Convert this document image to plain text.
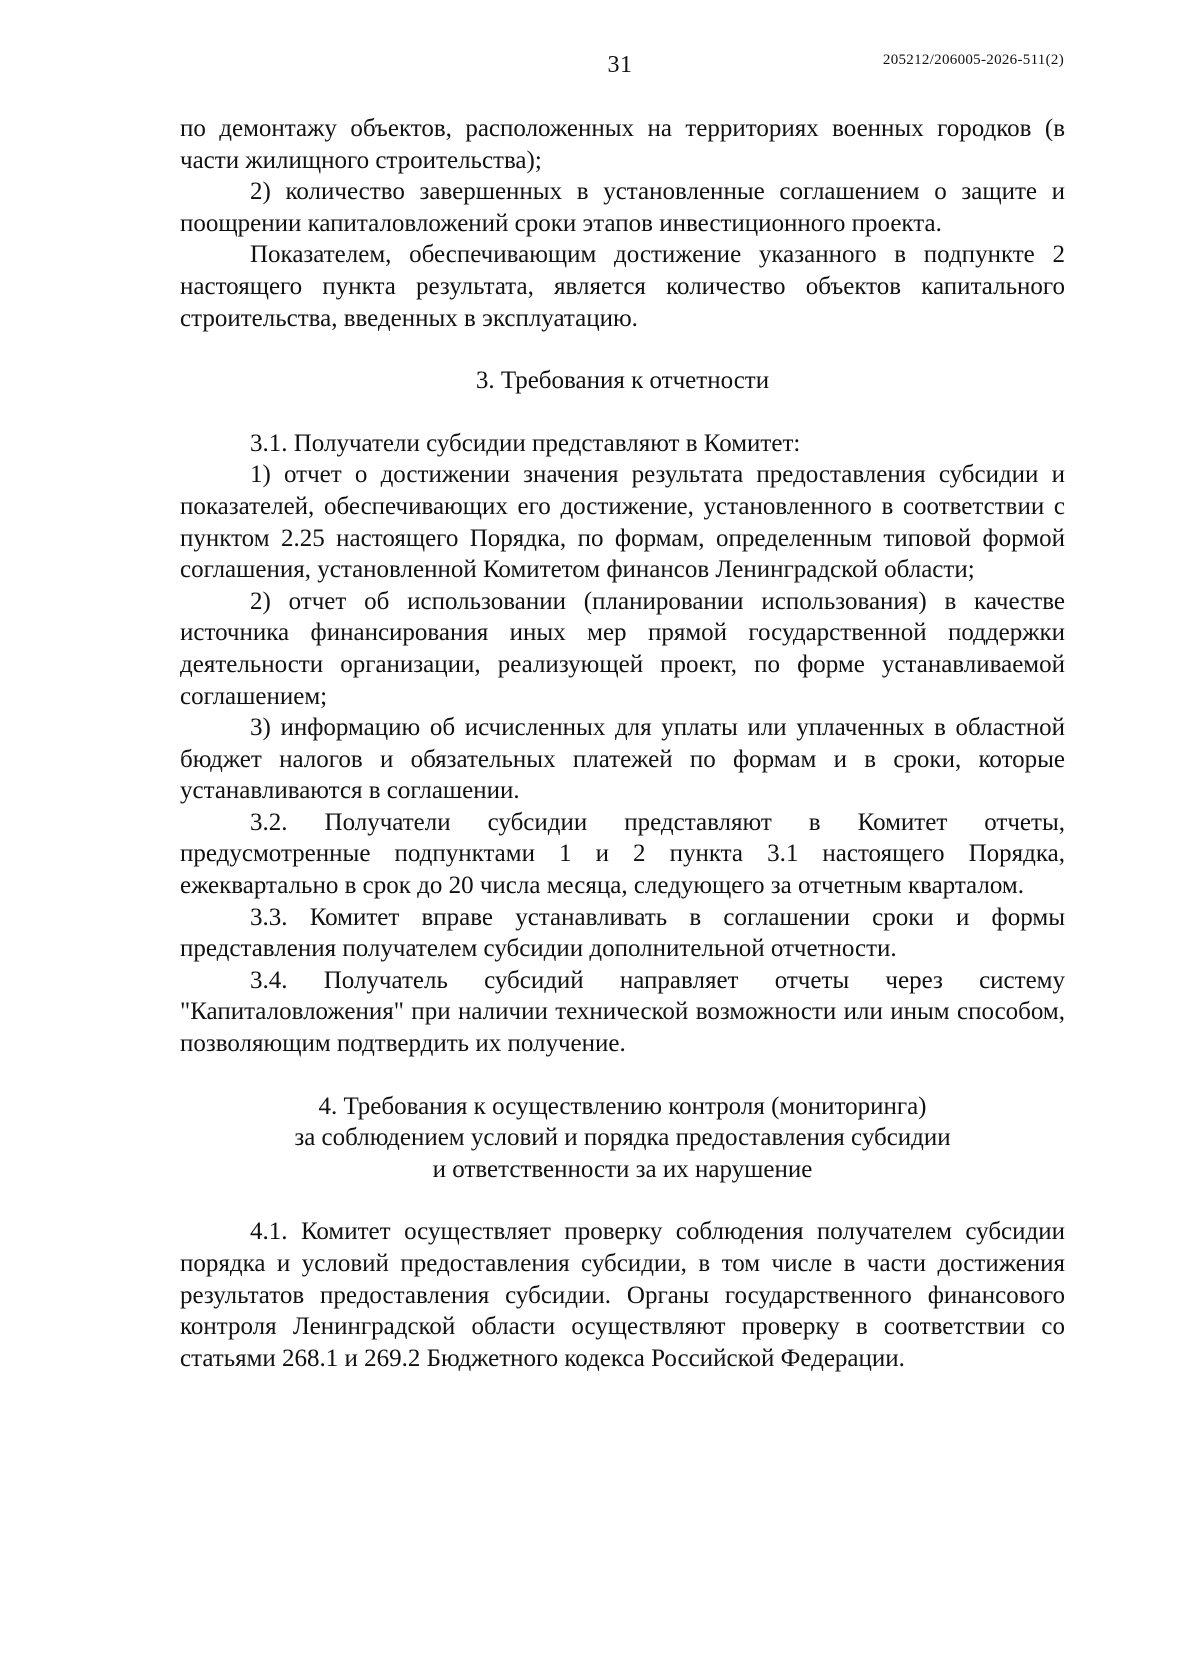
31	205212/206005-2026-511(2)

по демонтажу объектов, расположенных на территориях военных городков (в части жилищного строительства);

2) количество завершенных в установленные соглашением о защите и поощрении капиталовложений сроки этапов инвестиционного проекта.

Показателем, обеспечивающим достижение указанного в подпункте 2 настоящего пункта результата, является количество объектов капитального строительства, введенных в эксплуатацию.

3. Требования к отчетности

3.1. Получатели субсидии представляют в Комитет:

1) отчет о достижении значения результата предоставления субсидии и показателей, обеспечивающих его достижение, установленного в соответствии с пунктом 2.25 настоящего Порядка, по формам, определенным типовой формой соглашения, установленной Комитетом финансов Ленинградской области;

2) отчет об использовании (планировании использования) в качестве источника финансирования иных мер прямой государственной поддержки деятельности организации, реализующей проект, по форме устанавливаемой соглашением;

3) информацию об исчисленных для уплаты или уплаченных в областной бюджет налогов и обязательных платежей по формам и в сроки, которые устанавливаются в соглашении.

3.2. Получатели субсидии представляют в Комитет отчеты, предусмотренные подпунктами 1 и 2 пункта 3.1 настоящего Порядка, ежеквартально в срок до 20 числа месяца, следующего за отчетным кварталом.

3.3. Комитет вправе устанавливать в соглашении сроки и формы представления получателем субсидии дополнительной отчетности.

3.4. Получатель субсидий направляет отчеты через систему "Капиталовложения" при наличии технической возможности или иным способом, позволяющим подтвердить их получение.

4. Требования к осуществлению контроля (мониторинга)

за соблюдением условий и порядка предоставления субсидии

и ответственности за их нарушение

4.1. Комитет осуществляет проверку соблюдения получателем субсидии порядка и условий предоставления субсидии, в том числе в части достижения результатов предоставления субсидии. Органы государственного финансового контроля Ленинградской области осуществляют проверку в соответствии со статьями 268.1 и 269.2 Бюджетного кодекса Российской Федерации.
